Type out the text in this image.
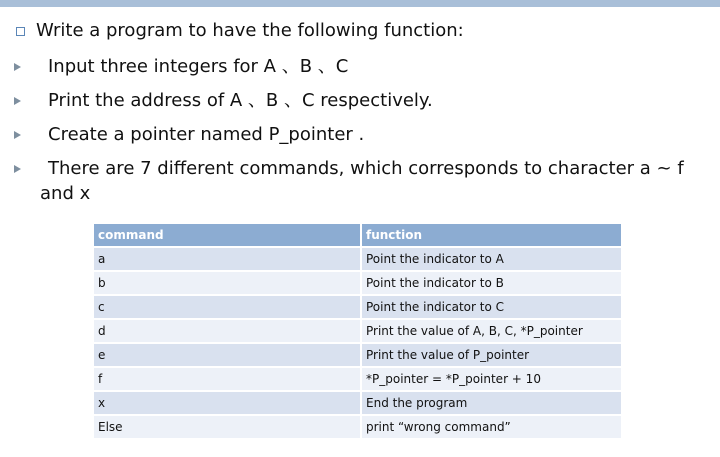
Write a program to have the following function:
Input three integers for A 、B 、C
Print the address of A 、B 、C respectively.
Create a pointer named P_pointer .
There are 7 different commands, which corresponds to character a ~ f
and x
command	function
a	Point the indicator to A
b	Point the indicator to B
c	Point the indicator to C
d	Print the value of A, B, C, *P_pointer
e	Print the value of P_pointer
f	*P_pointer = *P_pointer + 10
x	End the program
Else	print “wrong command”
